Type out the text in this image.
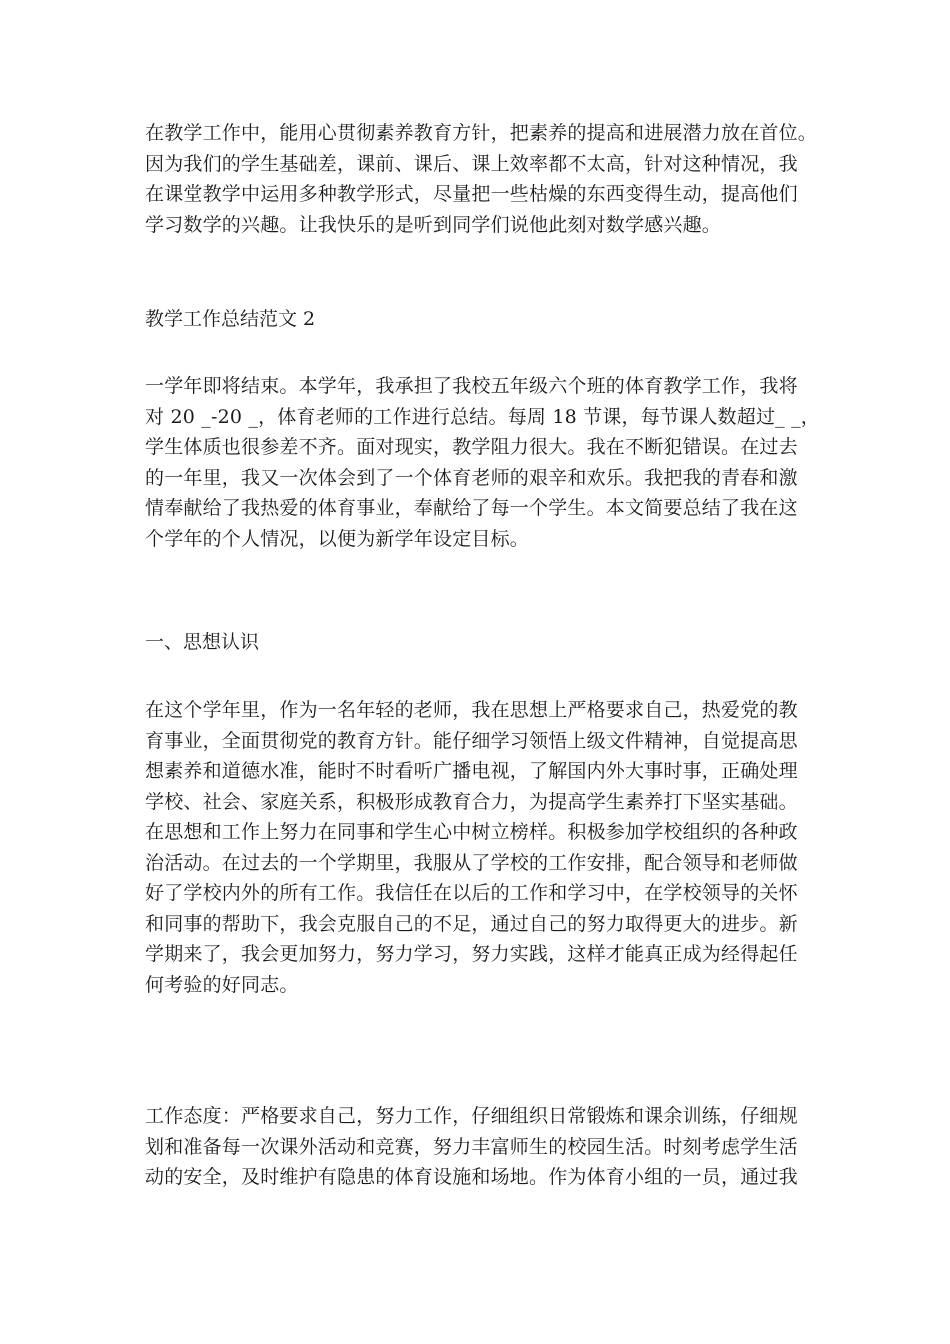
在教学工作中，能用心贯彻素养教育方针，把素养的提高和进展潜力放在首位。
因为我们的学生基础差，课前、课后、课上效率都不太高，针对这种情况，我
在课堂教学中运用多种教学形式，尽量把一些枯燥的东西变得生动，提高他们
学习数学的兴趣。让我快乐的是听到同学们说他此刻对数学感兴趣。
教学工作总结范文 2
一学年即将结束。本学年，我承担了我校五年级六个班的体育教学工作，我将
对 20 _-20 _，体育老师的工作进行总结。每周 18 节课，每节课人数超过_ _，
学生体质也很参差不齐。面对现实，教学阻力很大。我在不断犯错误。在过去
的一年里，我又一次体会到了一个体育老师的艰辛和欢乐。我把我的青春和激
情奉献给了我热爱的体育事业，奉献给了每一个学生。本文简要总结了我在这
个学年的个人情况，以便为新学年设定目标。
一、思想认识
在这个学年里，作为一名年轻的老师，我在思想上严格要求自己，热爱党的教
育事业，全面贯彻党的教育方针。能仔细学习领悟上级文件精神，自觉提高思
想素养和道德水准，能时不时看听广播电视，了解国内外大事时事，正确处理
学校、社会、家庭关系，积极形成教育合力，为提高学生素养打下坚实基础。
在思想和工作上努力在同事和学生心中树立榜样。积极参加学校组织的各种政
治活动。在过去的一个学期里，我服从了学校的工作安排，配合领导和老师做
好了学校内外的所有工作。我信任在以后的工作和学习中，在学校领导的关怀
和同事的帮助下，我会克服自己的不足，通过自己的努力取得更大的进步。新
学期来了，我会更加努力，努力学习，努力实践，这样才能真正成为经得起任
何考验的好同志。
工作态度：严格要求自己，努力工作，仔细组织日常锻炼和课余训练，仔细规
划和准备每一次课外活动和竞赛，努力丰富师生的校园生活。时刻考虑学生活
动的安全，及时维护有隐患的体育设施和场地。作为体育小组的一员，通过我
